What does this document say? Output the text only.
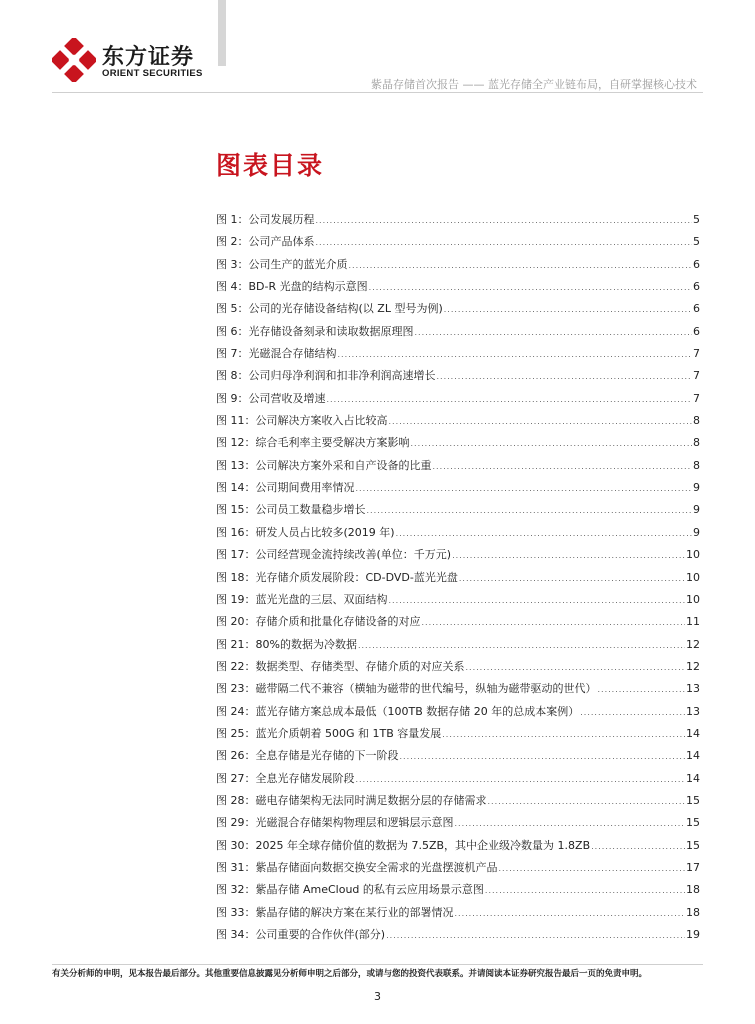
东方证券
ORIENT SECURITIES
紫晶存储首次报告 —— 蓝光存储全产业链布局，自研掌握核心技术
图表目录
图 1：公司发展历程 .....	5
图 2：公司产品体系 .....	5
图 3：公司生产的蓝光介质 .....	6
图 4：BD-R 光盘的结构示意图 .....	6
图 5：公司的光存储设备结构(以 ZL 型号为例) .....	6
图 6：光存储设备刻录和读取数据原理图 .....	6
图 7：光磁混合存储结构 .....	7
图 8：公司归母净利润和扣非净利润高速增长 .....	7
图 9：公司营收及增速 .....	7
图 11：公司解决方案收入占比较高 .....	8
图 12：综合毛利率主要受解决方案影响 .....	8
图 13：公司解决方案外采和自产设备的比重 .....	8
图 14：公司期间费用率情况 .....	9
图 15：公司员工数量稳步增长 .....	9
图 16：研发人员占比较多(2019 年) .....	9
图 17：公司经营现金流持续改善(单位：千万元) .....	10
图 18：光存储介质发展阶段：CD-DVD-蓝光光盘 .....	10
图 19：蓝光光盘的三层、双面结构 .....	10
图 20：存储介质和批量化存储设备的对应 .....	11
图 21：80%的数据为冷数据 .....	12
图 22：数据类型、存储类型、存储介质的对应关系 .....	12
图 23：磁带隔二代不兼容（横轴为磁带的世代编号，纵轴为磁带驱动的世代） .....	13
图 24：蓝光存储方案总成本最低（100TB 数据存储 20 年的总成本案例） .....	13
图 25：蓝光介质朝着 500G 和 1TB 容量发展 .....	14
图 26：全息存储是光存储的下一阶段 .....	14
图 27：全息光存储发展阶段 .....	14
图 28：磁电存储架构无法同时满足数据分层的存储需求 .....	15
图 29：光磁混合存储架构物理层和逻辑层示意图 .....	15
图 30：2025 年全球存储价值的数据为 7.5ZB，其中企业级冷数量为 1.8ZB .....	15
图 31：紫晶存储面向数据交换安全需求的光盘摆渡机产品 .....	17
图 32：紫晶存储 AmeCloud 的私有云应用场景示意图 .....	18
图 33：紫晶存储的解决方案在某行业的部署情况 .....	18
图 34：公司重要的合作伙伴(部分) .....	19
有关分析师的申明，见本报告最后部分。其他重要信息披露见分析师申明之后部分，或请与您的投资代表联系。并请阅读本证券研究报告最后一页的免责申明。
3
